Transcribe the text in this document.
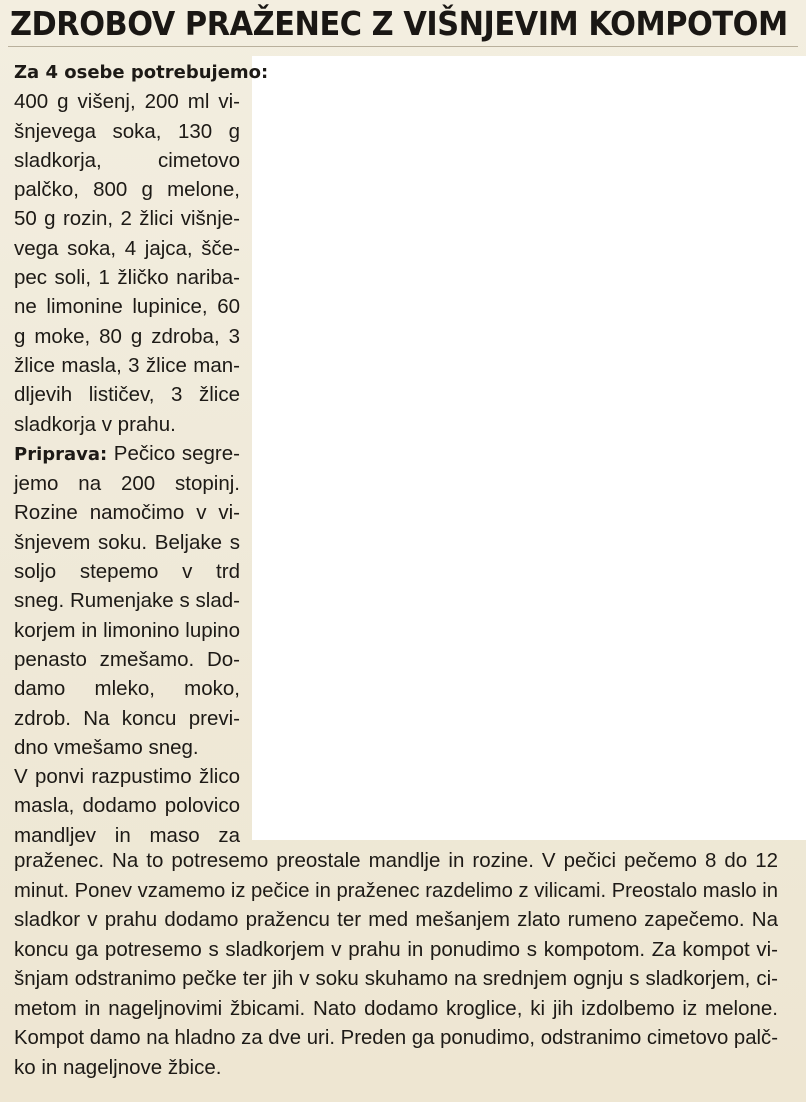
ZDROBOV PRAŽENEC Z VIŠNJEVIM KOMPOTOM
Za 4 osebe potrebujemo:
400 g višenj, 200 ml vi-
šnjevega soka, 130 g
sladkorja, cimetovo
palčko, 800 g melone,
50 g rozin, 2 žlici višnje-
vega soka, 4 jajca, šče-
pec soli, 1 žličko nariba-
ne limonine lupinice, 60
g moke, 80 g zdroba, 3
žlice masla, 3 žlice man-
dljevih lističev, 3 žlice
sladkorja v prahu.
Priprava: Pečico segre-
jemo na 200 stopinj.
Rozine namočimo v vi-
šnjevem soku. Beljake s
soljo stepemo v trd
sneg. Rumenjake s slad-
korjem in limonino lupino
penasto zmešamo. Do-
damo mleko, moko,
zdrob. Na koncu previ-
dno vmešamo sneg.
V ponvi razpustimo žlico
masla, dodamo polovico
mandljev in maso za
praženec. Na to potresemo preostale mandlje in rozine. V pečici pečemo 8 do 12
minut. Ponev vzamemo iz pečice in praženec razdelimo z vilicami. Preostalo maslo in
sladkor v prahu dodamo pražencu ter med mešanjem zlato rumeno zapečemo. Na
koncu ga potresemo s sladkorjem v prahu in ponudimo s kompotom. Za kompot vi-
šnjam odstranimo pečke ter jih v soku skuhamo na srednjem ognju s sladkorjem, ci-
metom in nageljnovimi žbicami. Nato dodamo kroglice, ki jih izdolbemo iz melone.
Kompot damo na hladno za dve uri. Preden ga ponudimo, odstranimo cimetovo palč-
ko in nageljnove žbice.
